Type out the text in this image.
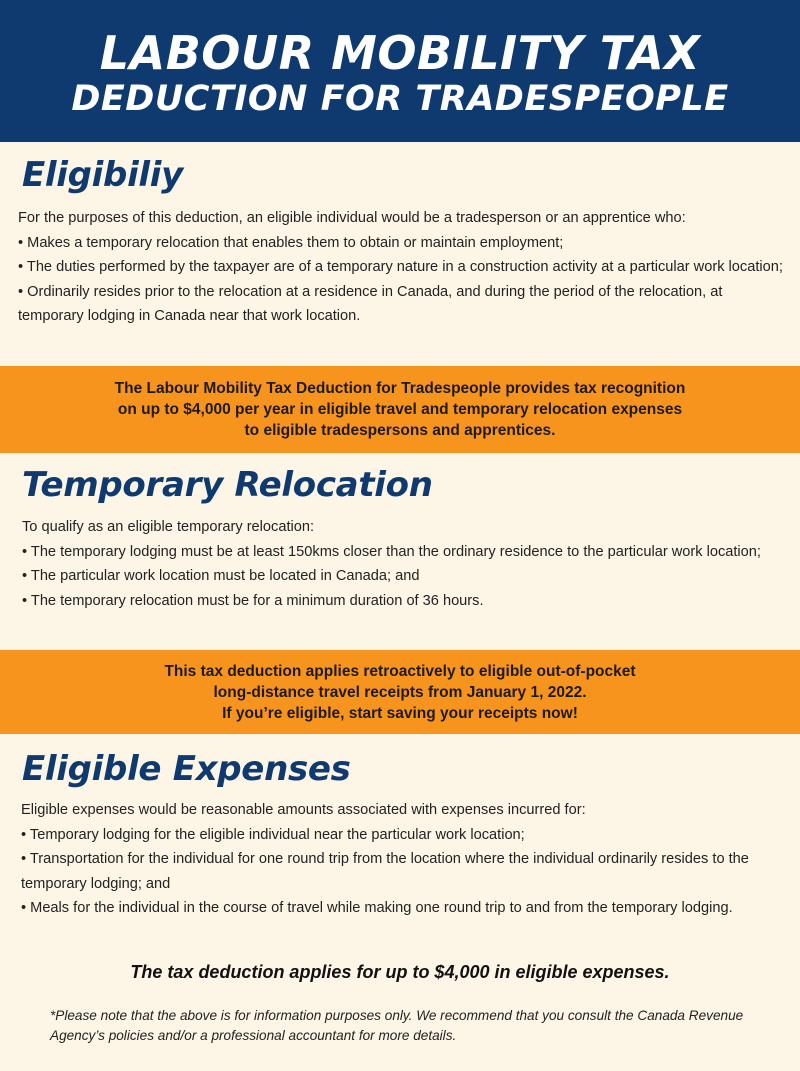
LABOUR MOBILITY TAX
DEDUCTION FOR TRADESPEOPLE
Eligibiliy

For the purposes of this deduction, an eligible individual would be a tradesperson or an apprentice who:

• Makes a temporary relocation that enables them to obtain or maintain employment;
• The duties performed by the taxpayer are of a temporary nature in a construction activity at a particular work location;
• Ordinarily resides prior to the relocation at a residence in Canada, and during the period of the relocation, at temporary lodging in Canada near that work location.
The Labour Mobility Tax Deduction for Tradespeople provides tax recognition
on up to $4,000 per year in eligible travel and temporary relocation expenses
to eligible tradespersons and apprentices.
Temporary Relocation

To qualify as an eligible temporary relocation:

• The temporary lodging must be at least 150kms closer than the ordinary residence to the particular work location;
• The particular work location must be located in Canada; and
• The temporary relocation must be for a minimum duration of 36 hours.
This tax deduction applies retroactively to eligible out-of-pocket
long-distance travel receipts from January 1, 2022.
If you’re eligible, start saving your receipts now!
Eligible Expenses

Eligible expenses would be reasonable amounts associated with expenses incurred for:

• Temporary lodging for the eligible individual near the particular work location;
• Transportation for the individual for one round trip from the location where the individual ordinarily resides to the temporary lodging; and
• Meals for the individual in the course of travel while making one round trip to and from the temporary lodging.
The tax deduction applies for up to $4,000 in eligible expenses.
*Please note that the above is for information purposes only. We recommend that you consult the Canada Revenue Agency’s policies and/or a professional accountant for more details.
